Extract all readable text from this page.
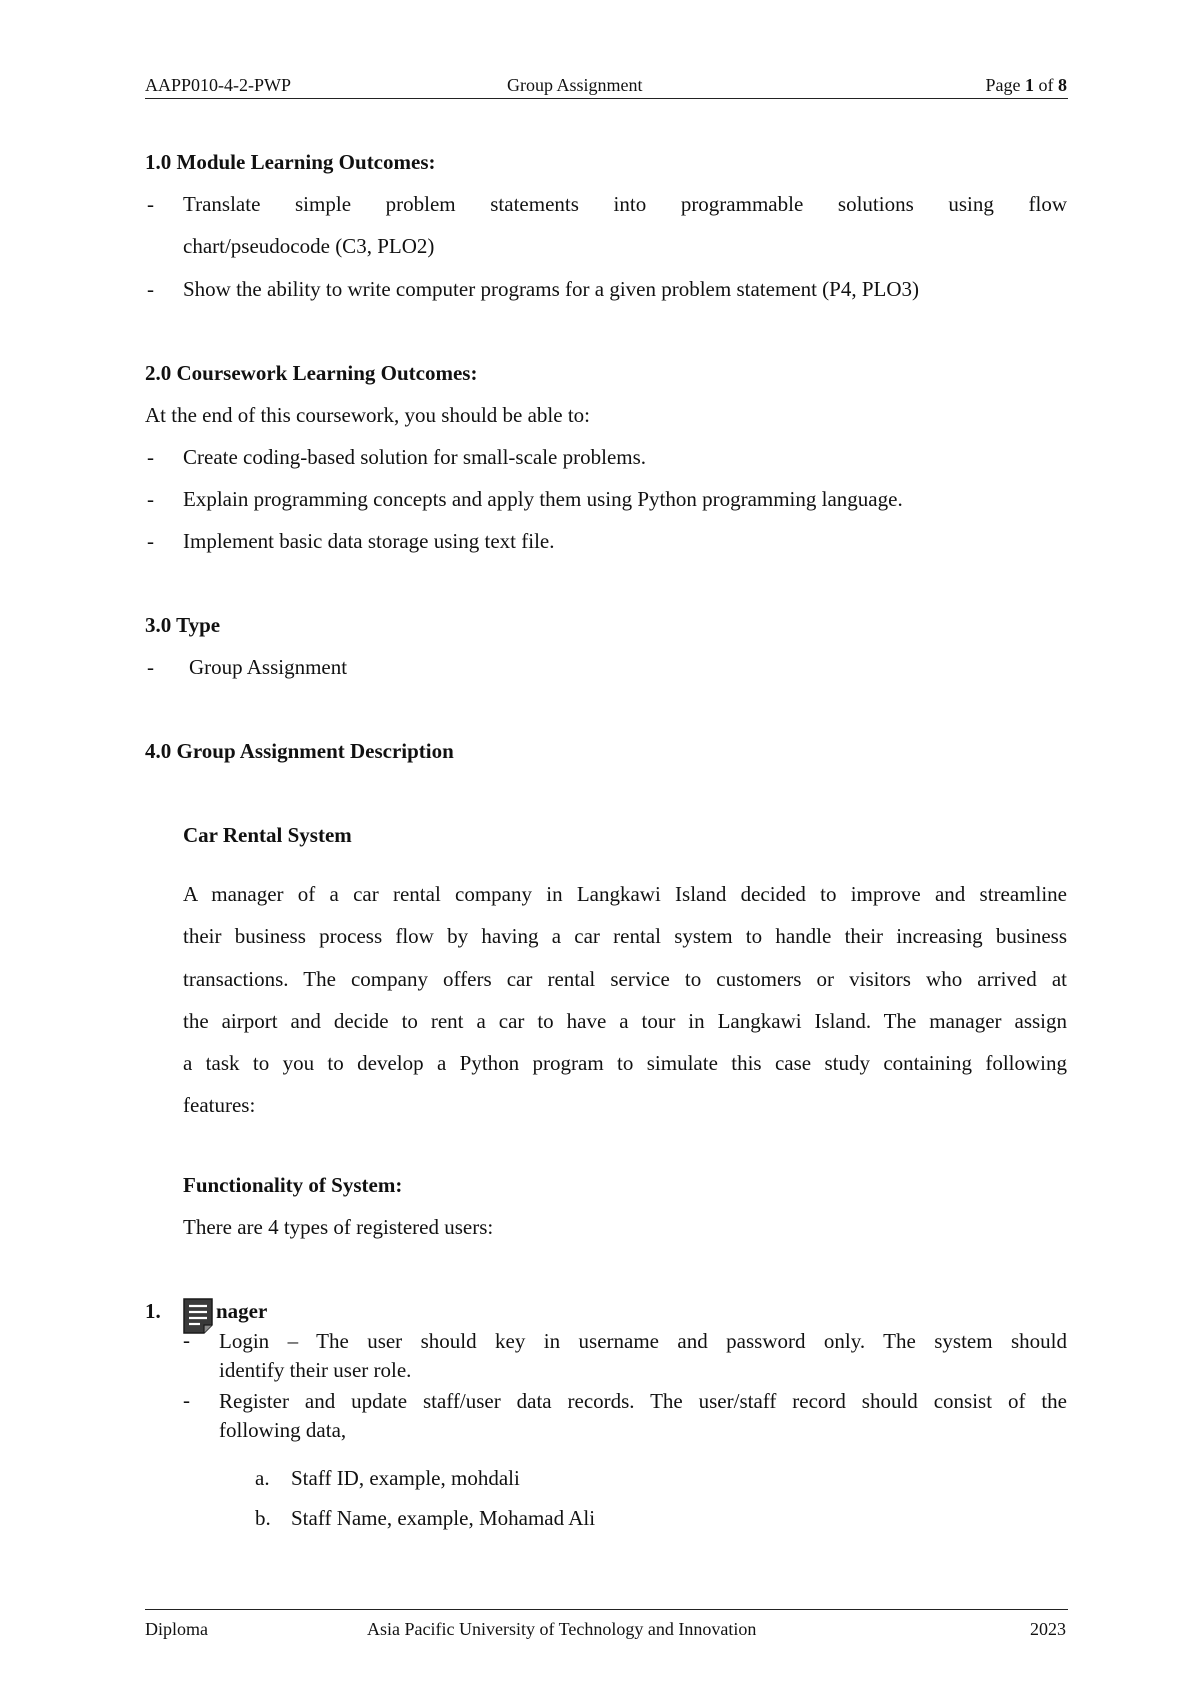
AAPP010-4-2-PWP	Group Assignment	Page 1 of 8
1.0 Module Learning Outcomes:
- Translate simple problem statements into programmable solutions using flow
chart/pseudocode (C3, PLO2)
- Show the ability to write computer programs for a given problem statement (P4, PLO3)
2.0 Coursework Learning Outcomes:
At the end of this coursework, you should be able to:
- Create coding-based solution for small-scale problems.
- Explain programming concepts and apply them using Python programming language.
- Implement basic data storage using text file.
3.0 Type
- Group Assignment
4.0 Group Assignment Description
Car Rental System
A manager of a car rental company in Langkawi Island decided to improve and streamline
their business process flow by having a car rental system to handle their increasing business
transactions. The company offers car rental service to customers or visitors who arrived at
the airport and decide to rent a car to have a tour in Langkawi Island. The manager assign
a task to you to develop a Python program to simulate this case study containing following
features:
Functionality of System:
There are 4 types of registered users:
1.	nager
- Login – The user should key in username and password only. The system should
identify their user role.
- Register and update staff/user data records. The user/staff record should consist of the
following data,
a. Staff ID, example, mohdali
b. Staff Name, example, Mohamad Ali
Diploma	Asia Pacific University of Technology and Innovation	2023
